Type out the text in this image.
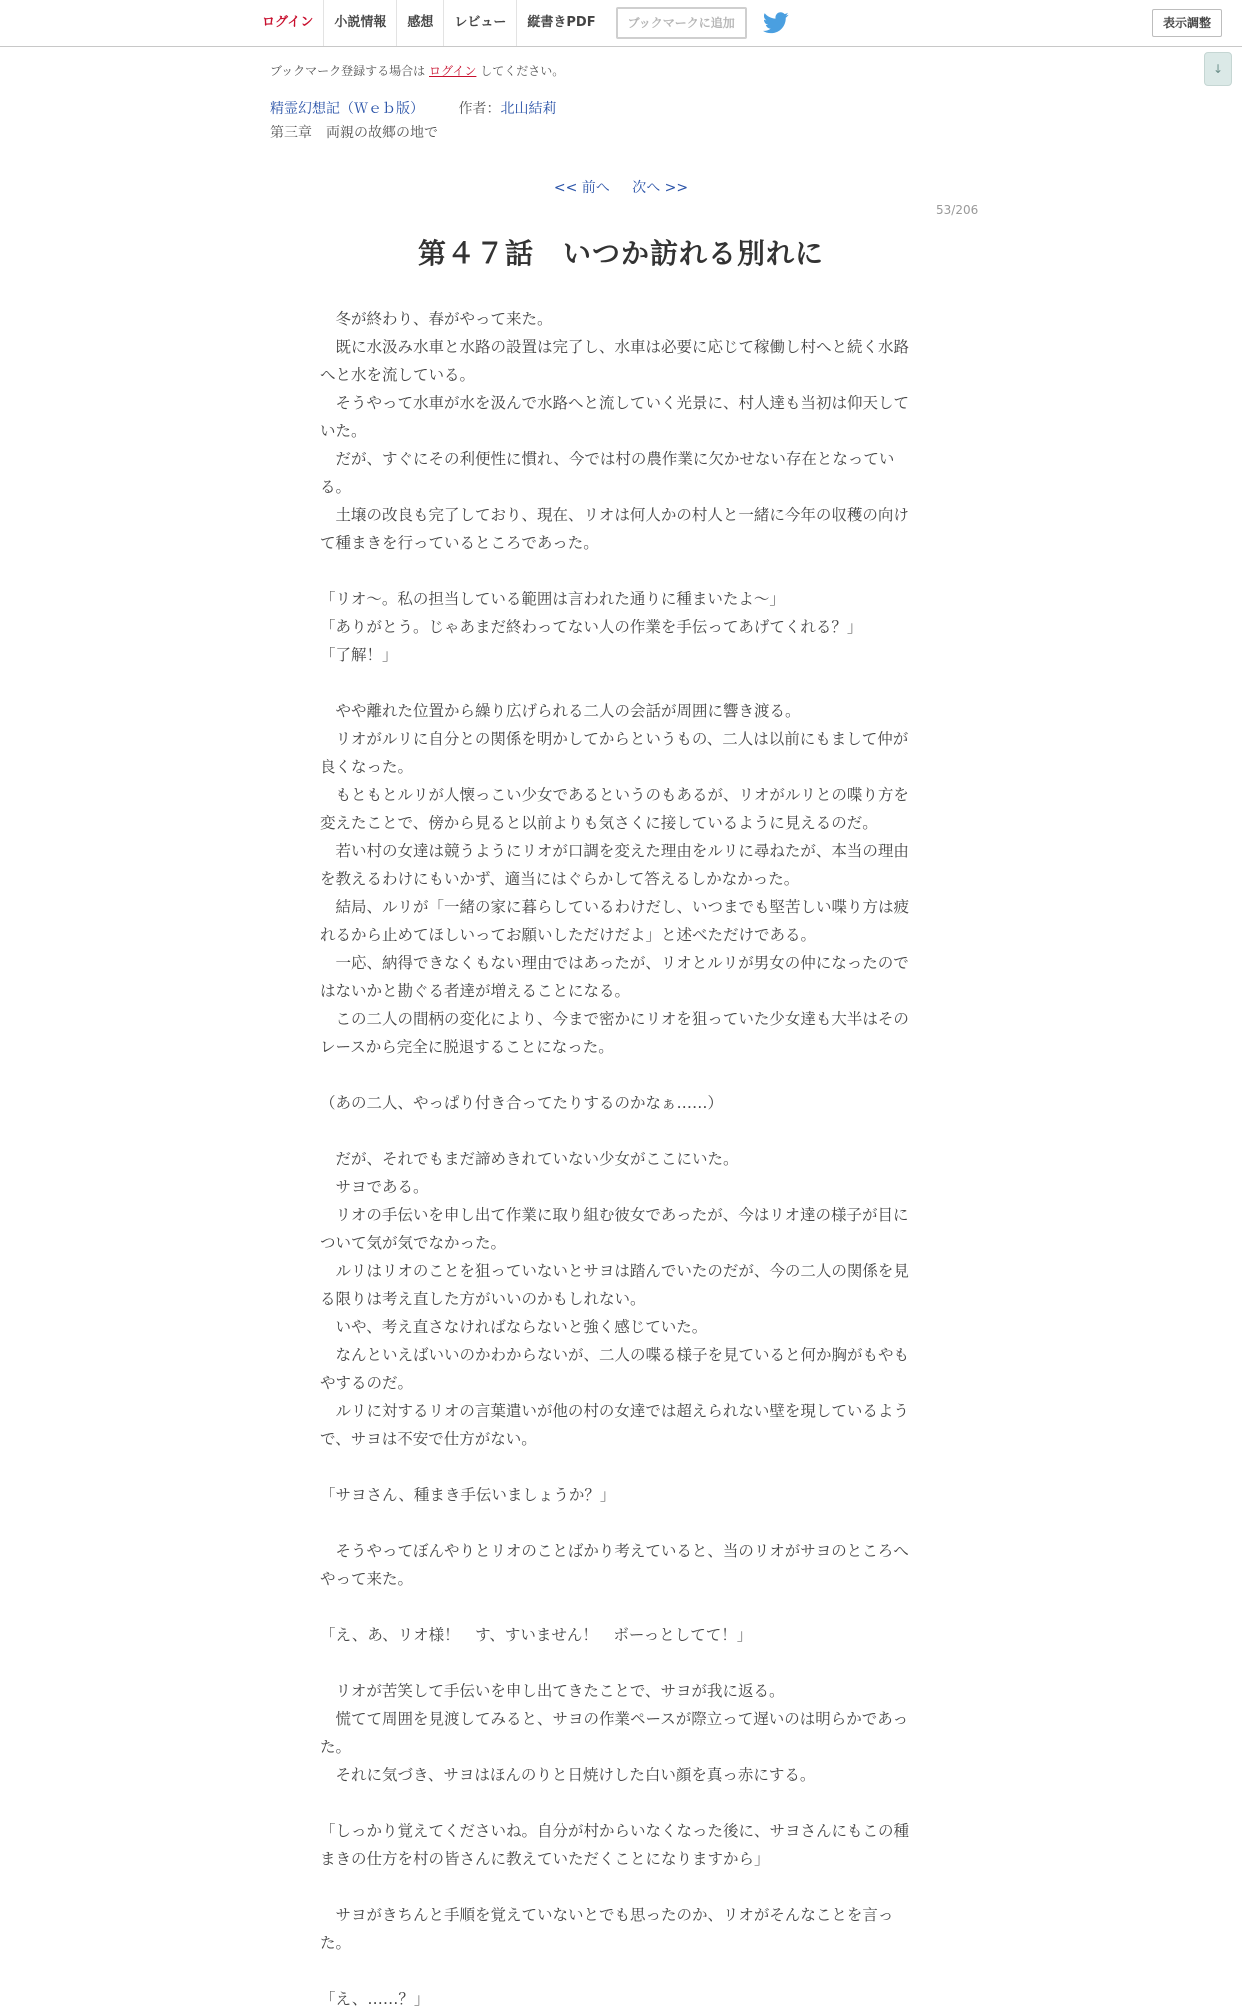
ログイン	小説情報	感想	レビュー	縦書きPDF	ブックマークに追加	表示調整
↓
ブックマーク登録する場合は ログイン してください。
精霊幻想記（Ｗｅｂ版） 作者：北山結莉
第三章　両親の故郷の地で
<< 前へ 次へ >>
53/206
第４７話　いつか訪れる別れに

　冬が終わり、春がやって来た。

　既に水汲み水車と水路の設置は完了し、水車は必要に応じて稼働し村へと続く水路へと水を流している。

　そうやって水車が水を汲んで水路へと流していく光景に、村人達も当初は仰天していた。

　だが、すぐにその利便性に慣れ、今では村の農作業に欠かせない存在となっている。

　土壌の改良も完了しており、現在、リオは何人かの村人と一緒に今年の収穫の向けて種まきを行っているところであった。

「リオ～。私の担当している範囲は言われた通りに種まいたよ～」

「ありがとう。じゃあまだ終わってない人の作業を手伝ってあげてくれる？」

「了解！」

　やや離れた位置から繰り広げられる二人の会話が周囲に響き渡る。

　リオがルリに自分との関係を明かしてからというもの、二人は以前にもまして仲が良くなった。

　もともとルリが人懐っこい少女であるというのもあるが、リオがルリとの喋り方を変えたことで、傍から見ると以前よりも気さくに接しているように見えるのだ。

　若い村の女達は競うようにリオが口調を変えた理由をルリに尋ねたが、本当の理由を教えるわけにもいかず、適当にはぐらかして答えるしかなかった。

　結局、ルリが「一緒の家に暮らしているわけだし、いつまでも堅苦しい喋り方は疲れるから止めてほしいってお願いしただけだよ」と述べただけである。

　一応、納得できなくもない理由ではあったが、リオとルリが男女の仲になったのではないかと勘ぐる者達が増えることになる。

　この二人の間柄の変化により、今まで密かにリオを狙っていた少女達も大半はそのレースから完全に脱退することになった。

（あの二人、やっぱり付き合ってたりするのかなぁ……）

　だが、それでもまだ諦めきれていない少女がここにいた。

　サヨである。

　リオの手伝いを申し出て作業に取り組む彼女であったが、今はリオ達の様子が目について気が気でなかった。

　ルリはリオのことを狙っていないとサヨは踏んでいたのだが、今の二人の関係を見る限りは考え直した方がいいのかもしれない。

　いや、考え直さなければならないと強く感じていた。

　なんといえばいいのかわからないが、二人の喋る様子を見ていると何か胸がもやもやするのだ。

　ルリに対するリオの言葉遣いが他の村の女達では超えられない壁を現しているようで、サヨは不安で仕方がない。

「サヨさん、種まき手伝いましょうか？」

　そうやってぼんやりとリオのことばかり考えていると、当のリオがサヨのところへやって来た。

「え、あ、リオ様！　す、すいません！　ボーっとしてて！」

　リオが苦笑して手伝いを申し出てきたことで、サヨが我に返る。

　慌てて周囲を見渡してみると、サヨの作業ペースが際立って遅いのは明らかであった。

　それに気づき、サヨはほんのりと日焼けした白い顔を真っ赤にする。

「しっかり覚えてくださいね。自分が村からいなくなった後に、サヨさんにもこの種まきの仕方を村の皆さんに教えていただくことになりますから」

　サヨがきちんと手順を覚えていないとでも思ったのか、リオがそんなことを言った。

「え、……？」
